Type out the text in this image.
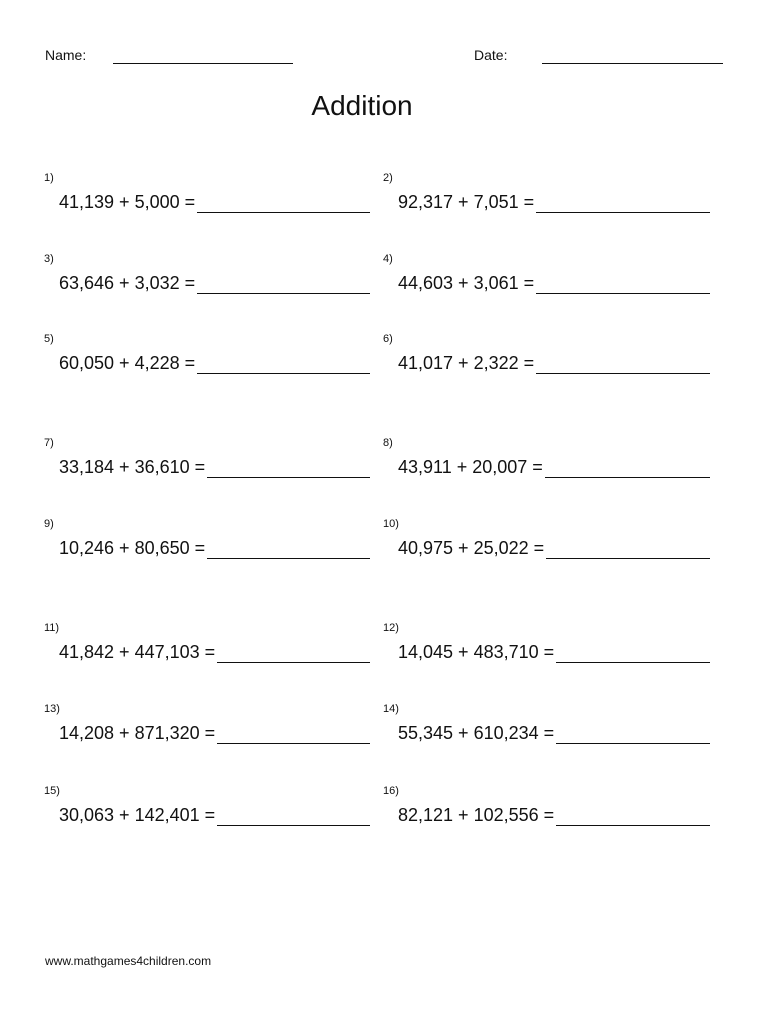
Name:	Date:
Addition
1)
41,139 + 5,000 =
2)
92,317 + 7,051 =
3)
63,646 + 3,032 =
4)
44,603 + 3,061 =
5)
60,050 + 4,228 =
6)
41,017 + 2,322 =
7)
33,184 + 36,610 =
8)
43,911 + 20,007 =
9)
10,246 + 80,650 =
10)
40,975 + 25,022 =
11)
41,842 + 447,103 =
12)
14,045 + 483,710 =
13)
14,208 + 871,320 =
14)
55,345 + 610,234 =
15)
30,063 + 142,401 =
16)
82,121 + 102,556 =
www.mathgames4children.com
